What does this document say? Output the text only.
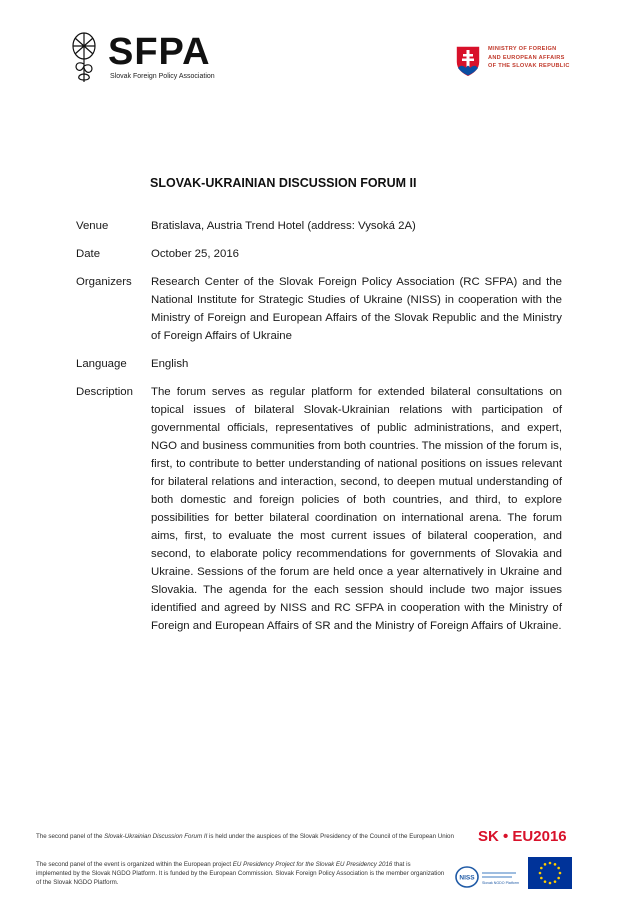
SFPA
Slovak Foreign Policy Association
MINISTRY OF FOREIGN
AND EUROPEAN AFFAIRS
OF THE SLOVAK REPUBLIC
SLOVAK-UKRAINIAN DISCUSSION FORUM II
Venue	Bratislava, Austria Trend Hotel (address: Vysoká 2A)
Date	October 25, 2016
Organizers	Research Center of the Slovak Foreign Policy Association (RC SFPA) and the National Institute for Strategic Studies of Ukraine (NISS) in cooperation with the Ministry of Foreign and European Affairs of the Slovak Republic and the Ministry of Foreign Affairs of Ukraine
Language	English
Description	The forum serves as regular platform for extended bilateral consultations on topical issues of bilateral Slovak-Ukrainian relations with participation of governmental officials, representatives of public administrations, and expert, NGO and business communities from both countries. The mission of the forum is, first, to contribute to better understanding of national positions on issues relevant for bilateral relations and interaction, second, to deepen mutual understanding of both domestic and foreign policies of both countries, and third, to explore possibilities for better bilateral coordination on international arena. The forum aims, first, to evaluate the most current issues of bilateral cooperation, and second, to elaborate policy recommendations for governments of Slovakia and Ukraine. Sessions of the forum are held once a year alternatively in Ukraine and Slovakia. The agenda for the each session should include two major issues identified and agreed by NISS and RC SFPA in cooperation with the Ministry of Foreign and European Affairs of SR and the Ministry of Foreign Affairs of Ukraine.
The second panel of the Slovak-Ukrainian Discussion Forum II is held under the auspices of the Slovak Presidency of the Council of the European Union
The second panel of the event is organized within the European project EU Presidency Project for the Slovak EU Presidency 2016 that is implemented by the Slovak NGDO Platform. It is funded by the European Commission. Slovak Foreign Policy Association is the member organization of the Slovak NGDO Platform.
SK • EU2016
NISS
Slovak NGDO Platform
